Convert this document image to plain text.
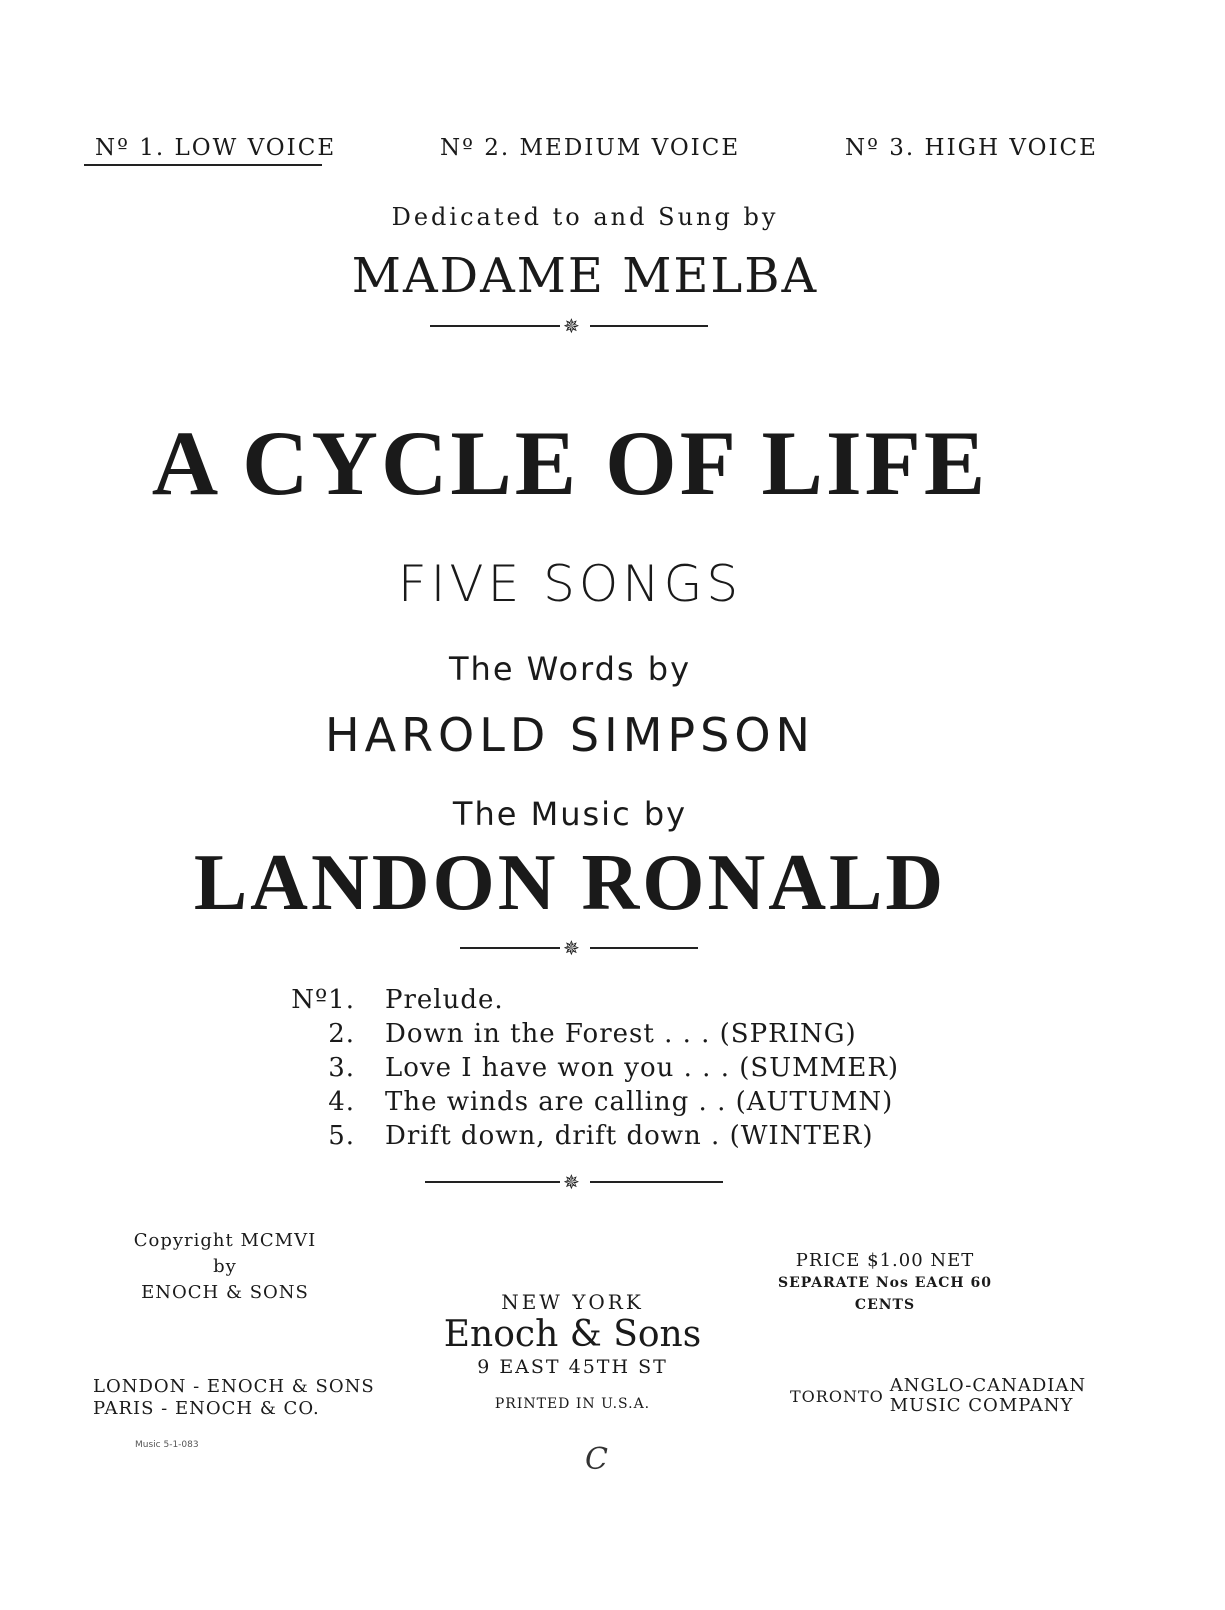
Nº 1. LOW VOICE	Nº 2. MEDIUM VOICE	Nº 3. HIGH VOICE
Dedicated to and Sung by
MADAME MELBA
✵
A CYCLE OF LIFE
FIVE SONGS
The Words by
HAROLD SIMPSON
The Music by
LANDON RONALD
✵
Nº1.	Prelude.
2.	Down in the Forest . . . (SPRING)
3.	Love I have won you . . . (SUMMER)
4.	The winds are calling . . (AUTUMN)
5.	Drift down, drift down . (WINTER)
✵
Copyright MCMVI
by
ENOCH & SONS
PRICE $1.00 NET
SEPARATE Nos EACH 60 CENTS
NEW YORK
Enoch & Sons
9 EAST 45TH ST
PRINTED IN U.S.A.
LONDON - ENOCH & SONS
PARIS - ENOCH & CO.
TORONTO ANGLO-CANADIAN
MUSIC COMPANY
Music 5-1-083	C
